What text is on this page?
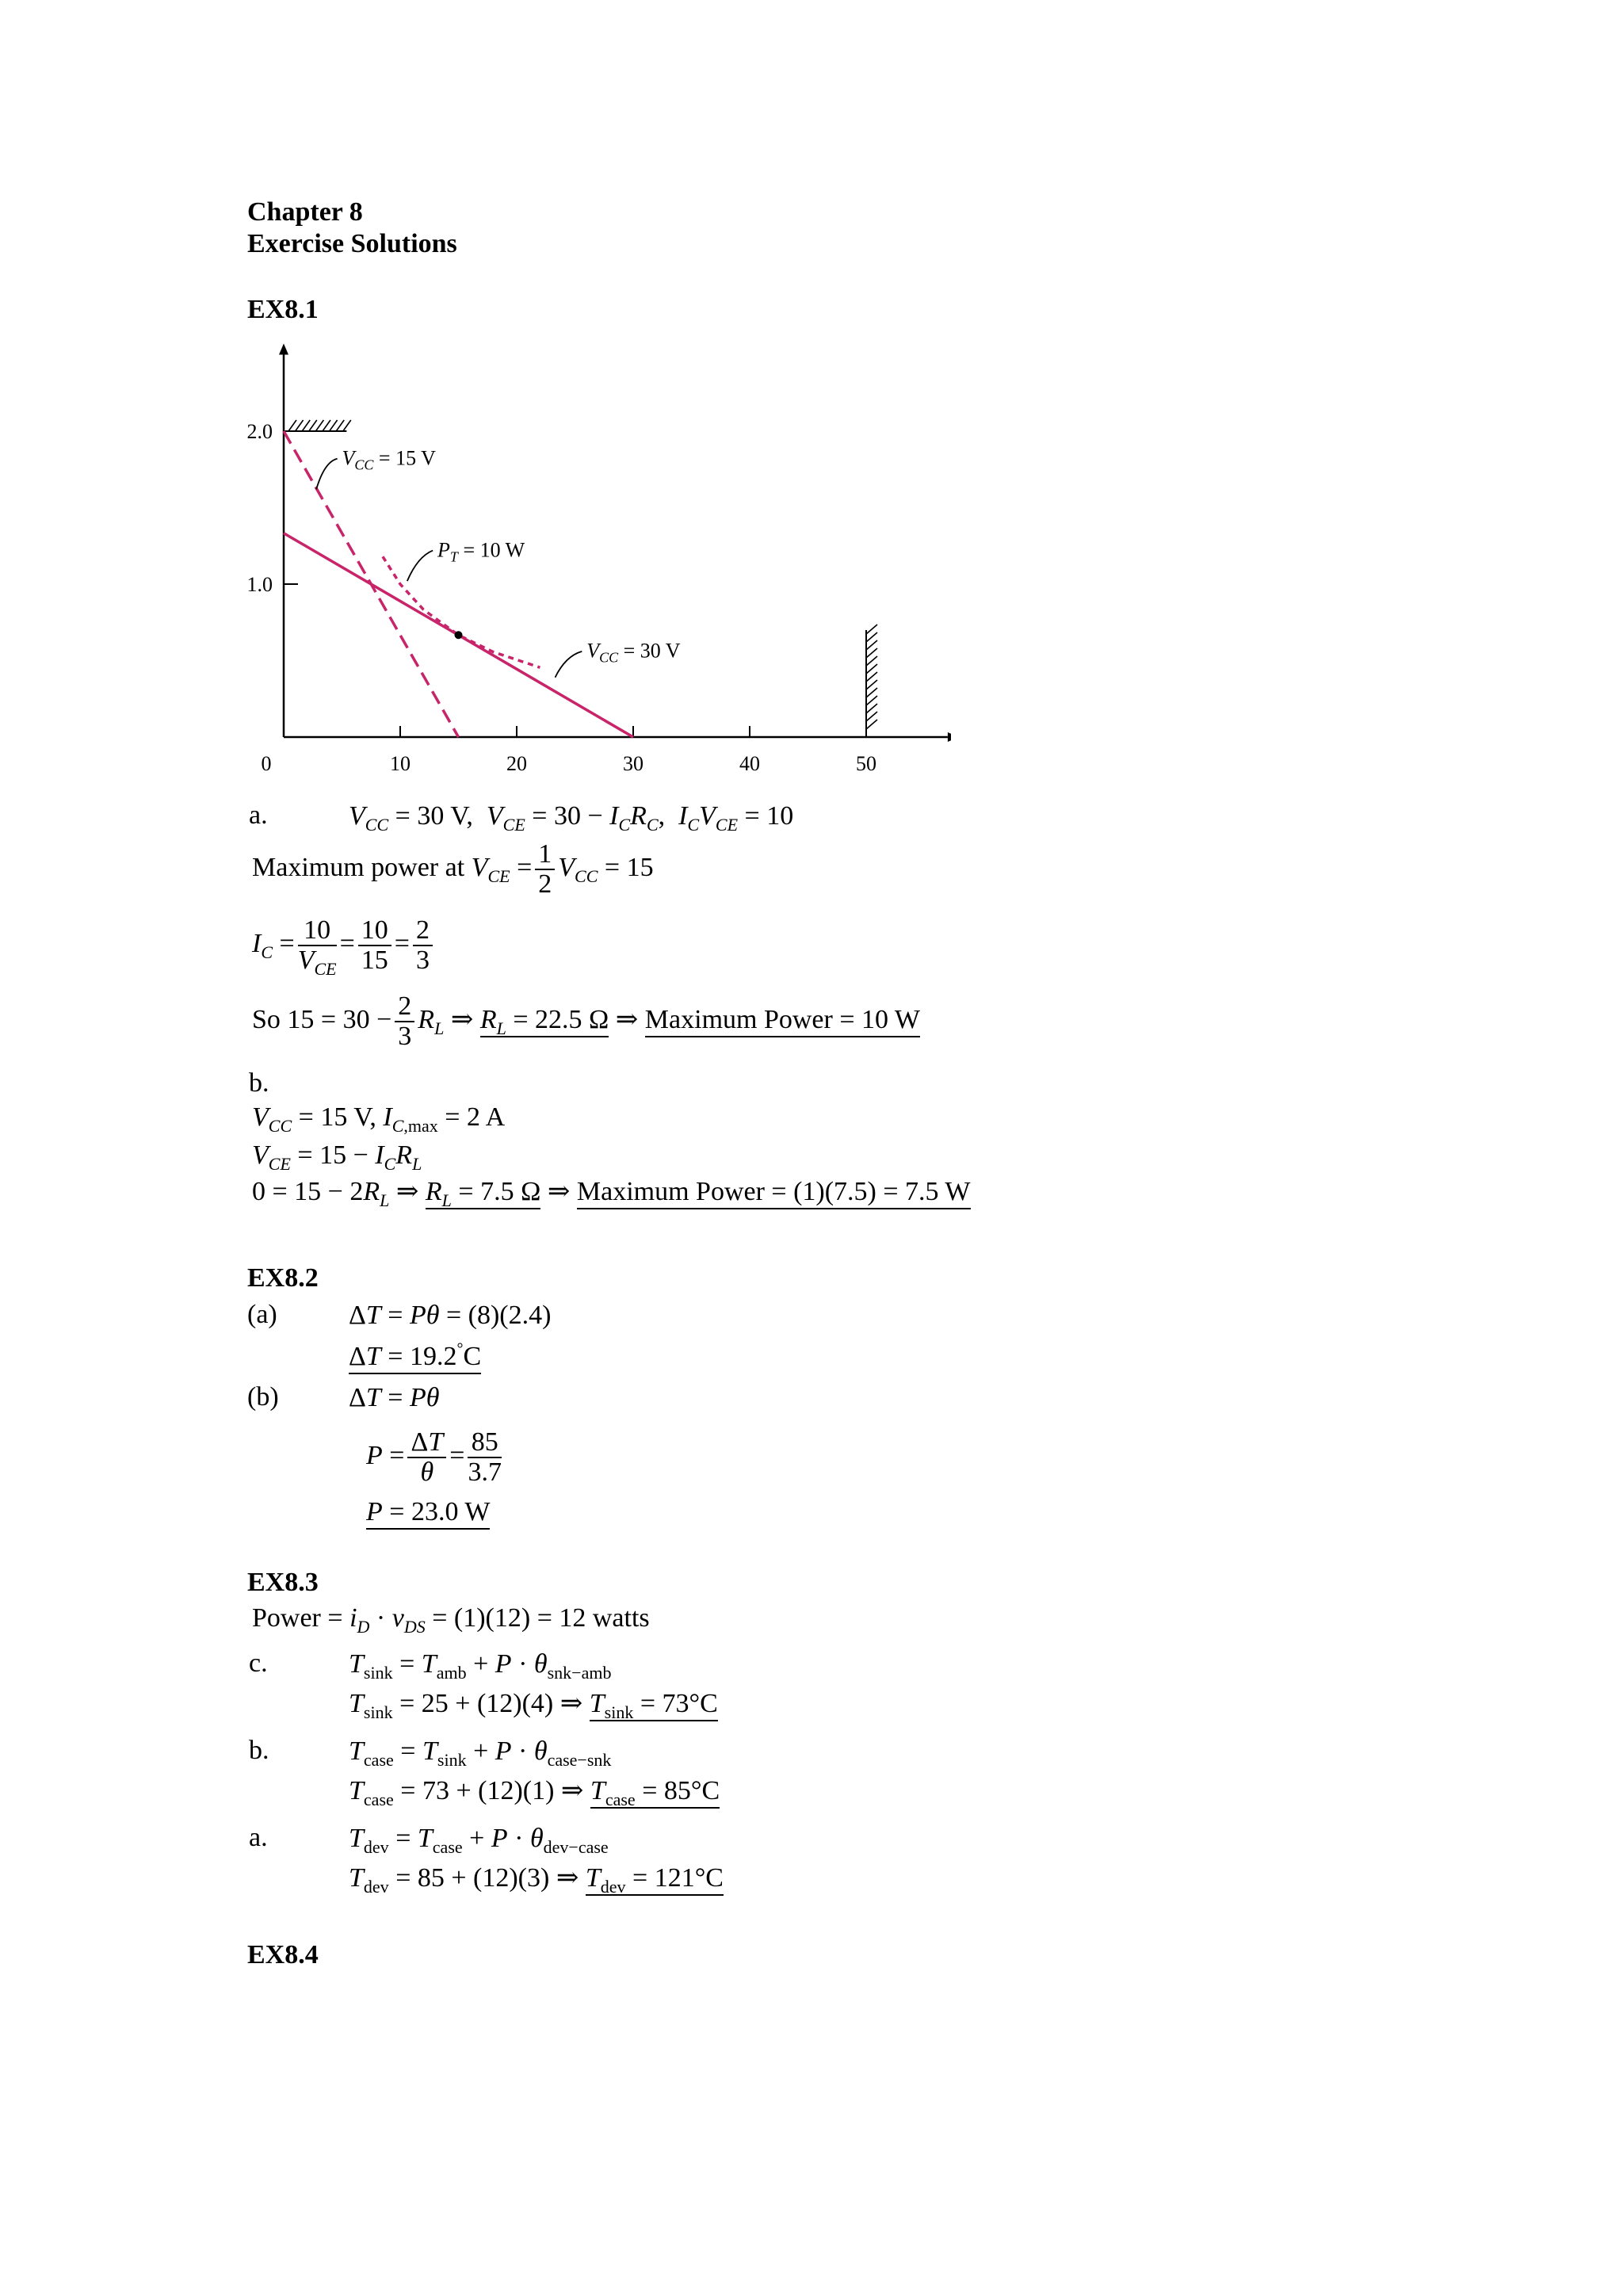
Chapter 8
Exercise Solutions
EX8.1
0	10	20	30	40	50
1.0
2.0
$V_{CC} = 15$ V
$P_T = 10$ W
$V_{CC} = 30$ V
a.	$V_{CC} = 30$ V,  $V_{CE} = 30 - I_CR_C$,  $I_CV_{CE} = 10$
Maximum power at $V_{CE} = \frac{1}{2} V_{CC} = 15$
$I_C = \frac{10}{V_{CE}} = \frac{10}{15} = \frac{2}{3}$
So $15 = 30 - \frac{2}{3} R_L$ ⇒ $R_L = 22.5$ Ω ⇒ Maximum Power = 10 W
b.
$V_{CC} = 15$ V, $I_{C,max} = 2$ A
$V_{CE} = 15 - I_CR_L$
$0 = 15 - 2R_L$ ⇒ $R_L = 7.5$ Ω ⇒ Maximum Power = (1)(7.5) = 7.5 W
EX8.2
(a)	ΔT = Pθ = (8)(2.4)
ΔT = 19.2°C
(b)	ΔT = Pθ
$P = \frac{\Delta T}{\theta} = \frac{85}{3.7}$
P = 23.0 W
EX8.3
Power = $i_D \cdot v_{DS} = (1)(12) = 12$ watts
c.	$T_{sink} = T_{amb} + P \cdot \theta_{snk-amb}$
$T_{sink} = 25 + (12)(4)$ ⇒ $T_{sink} = 73^\circ C$
b.	$T_{case} = T_{sink} + P \cdot \theta_{case-snk}$
$T_{case} = 73 + (12)(1)$ ⇒ $T_{case} = 85^\circ C$
a.	$T_{dev} = T_{case} + P \cdot \theta_{dev-case}$
$T_{dev} = 85 + (12)(3)$ ⇒ $T_{dev} = 121^\circ C$
EX8.4
